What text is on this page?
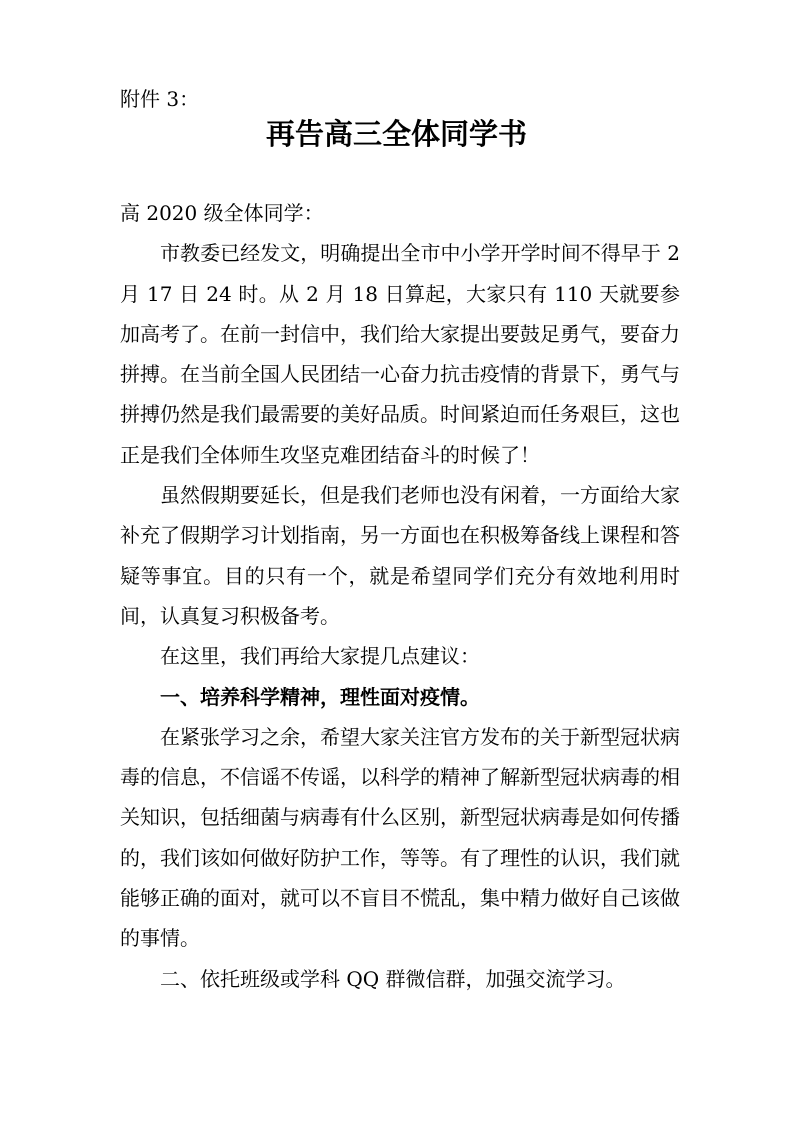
附件 3：
再告高三全体同学书

高 2020 级全体同学：

市教委已经发文，明确提出全市中小学开学时间不得早于 2 月 17 日 24 时。从 2 月 18 日算起，大家只有 110 天就要参加高考了。在前一封信中，我们给大家提出要鼓足勇气，要奋力拼搏。在当前全国人民团结一心奋力抗击疫情的背景下，勇气与拼搏仍然是我们最需要的美好品质。时间紧迫而任务艰巨，这也正是我们全体师生攻坚克难团结奋斗的时候了！

虽然假期要延长，但是我们老师也没有闲着，一方面给大家补充了假期学习计划指南，另一方面也在积极筹备线上课程和答疑等事宜。目的只有一个，就是希望同学们充分有效地利用时间，认真复习积极备考。

在这里，我们再给大家提几点建议：

一、培养科学精神，理性面对疫情。

在紧张学习之余，希望大家关注官方发布的关于新型冠状病毒的信息，不信谣不传谣，以科学的精神了解新型冠状病毒的相关知识，包括细菌与病毒有什么区别，新型冠状病毒是如何传播的，我们该如何做好防护工作，等等。有了理性的认识，我们就能够正确的面对，就可以不盲目不慌乱，集中精力做好自己该做的事情。

二、依托班级或学科 QQ 群微信群，加强交流学习。
